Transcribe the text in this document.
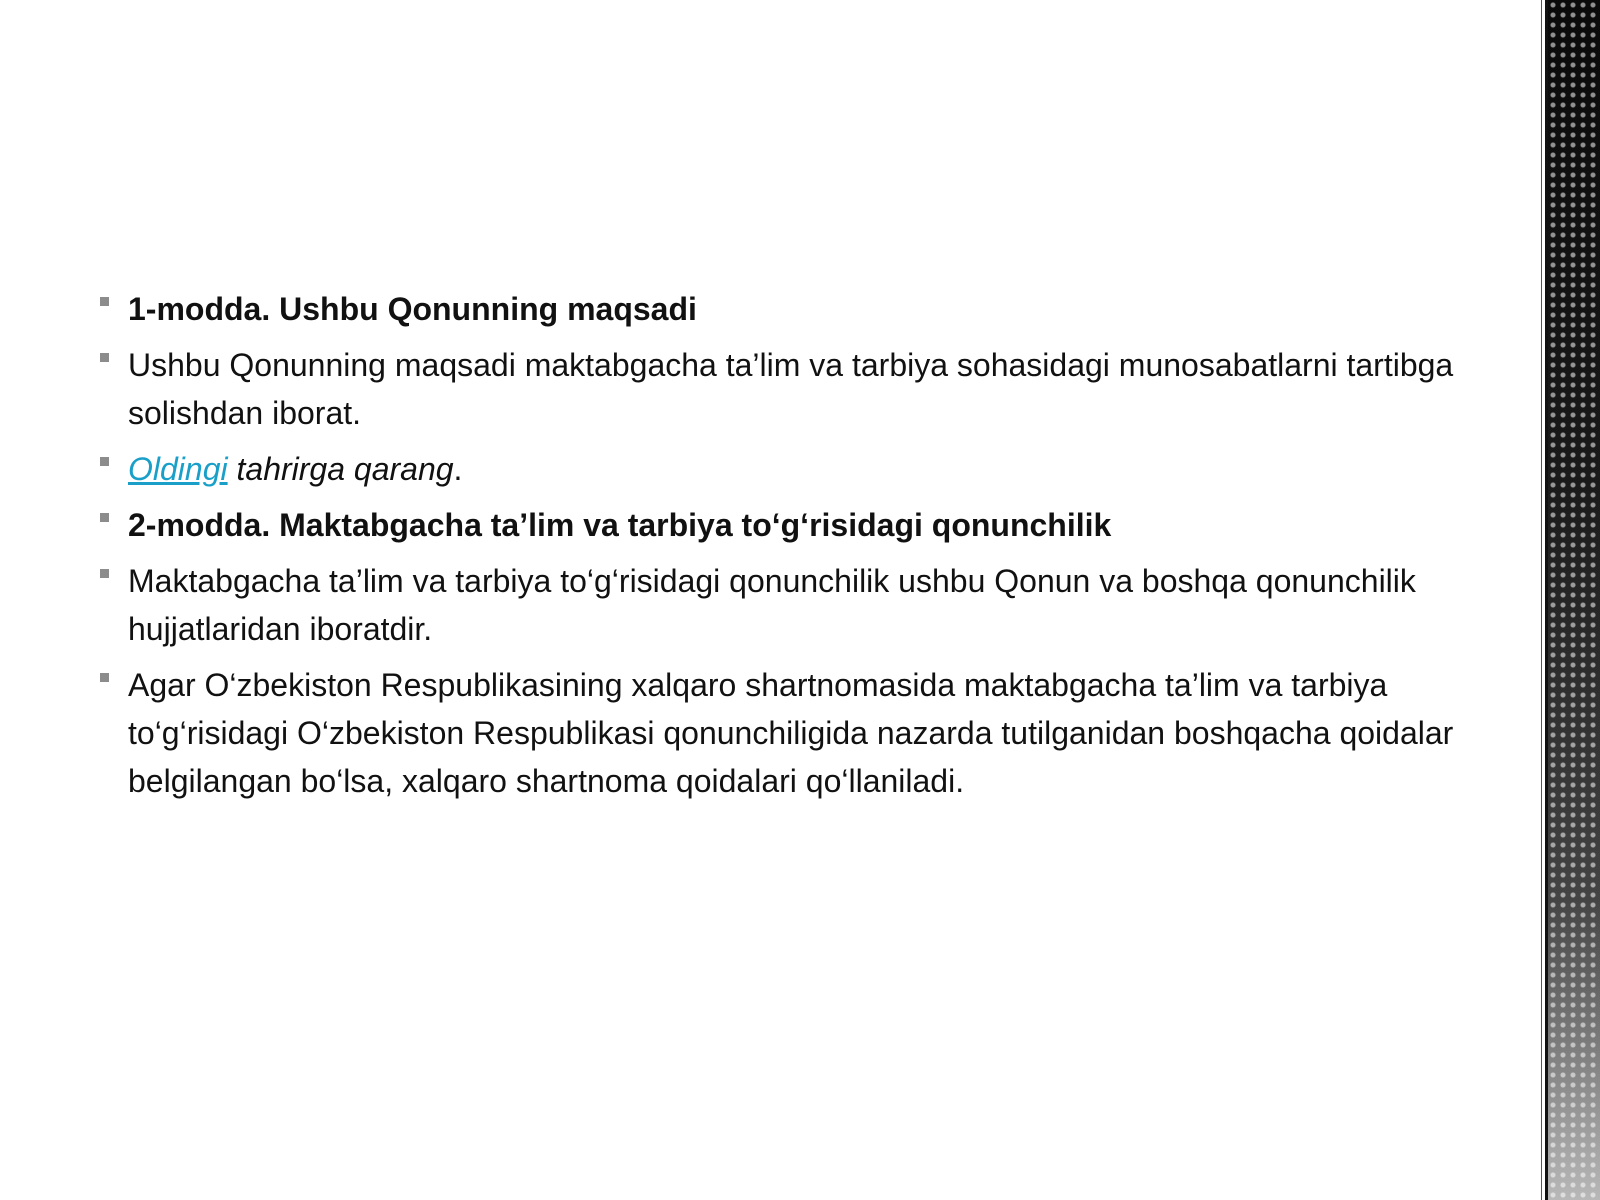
1-modda. Ushbu Qonunning maqsadi
Ushbu Qonunning maqsadi maktabgacha ta’lim va tarbiya sohasidagi munosabatlarni tartibga solishdan iborat.
Oldingi tahrirga qarang.
2-modda. Maktabgacha ta’lim va tarbiya to‘g‘risidagi qonunchilik
Maktabgacha ta’lim va tarbiya to‘g‘risidagi qonunchilik ushbu Qonun va boshqa qonunchilik hujjatlaridan iboratdir.
Agar O‘zbekiston Respublikasining xalqaro shartnomasida maktabgacha ta’lim va tarbiya to‘g‘risidagi O‘zbekiston Respublikasi qonunchiligida nazarda tutilganidan boshqacha qoidalar belgilangan bo‘lsa, xalqaro shartnoma qoidalari qo‘llaniladi.
